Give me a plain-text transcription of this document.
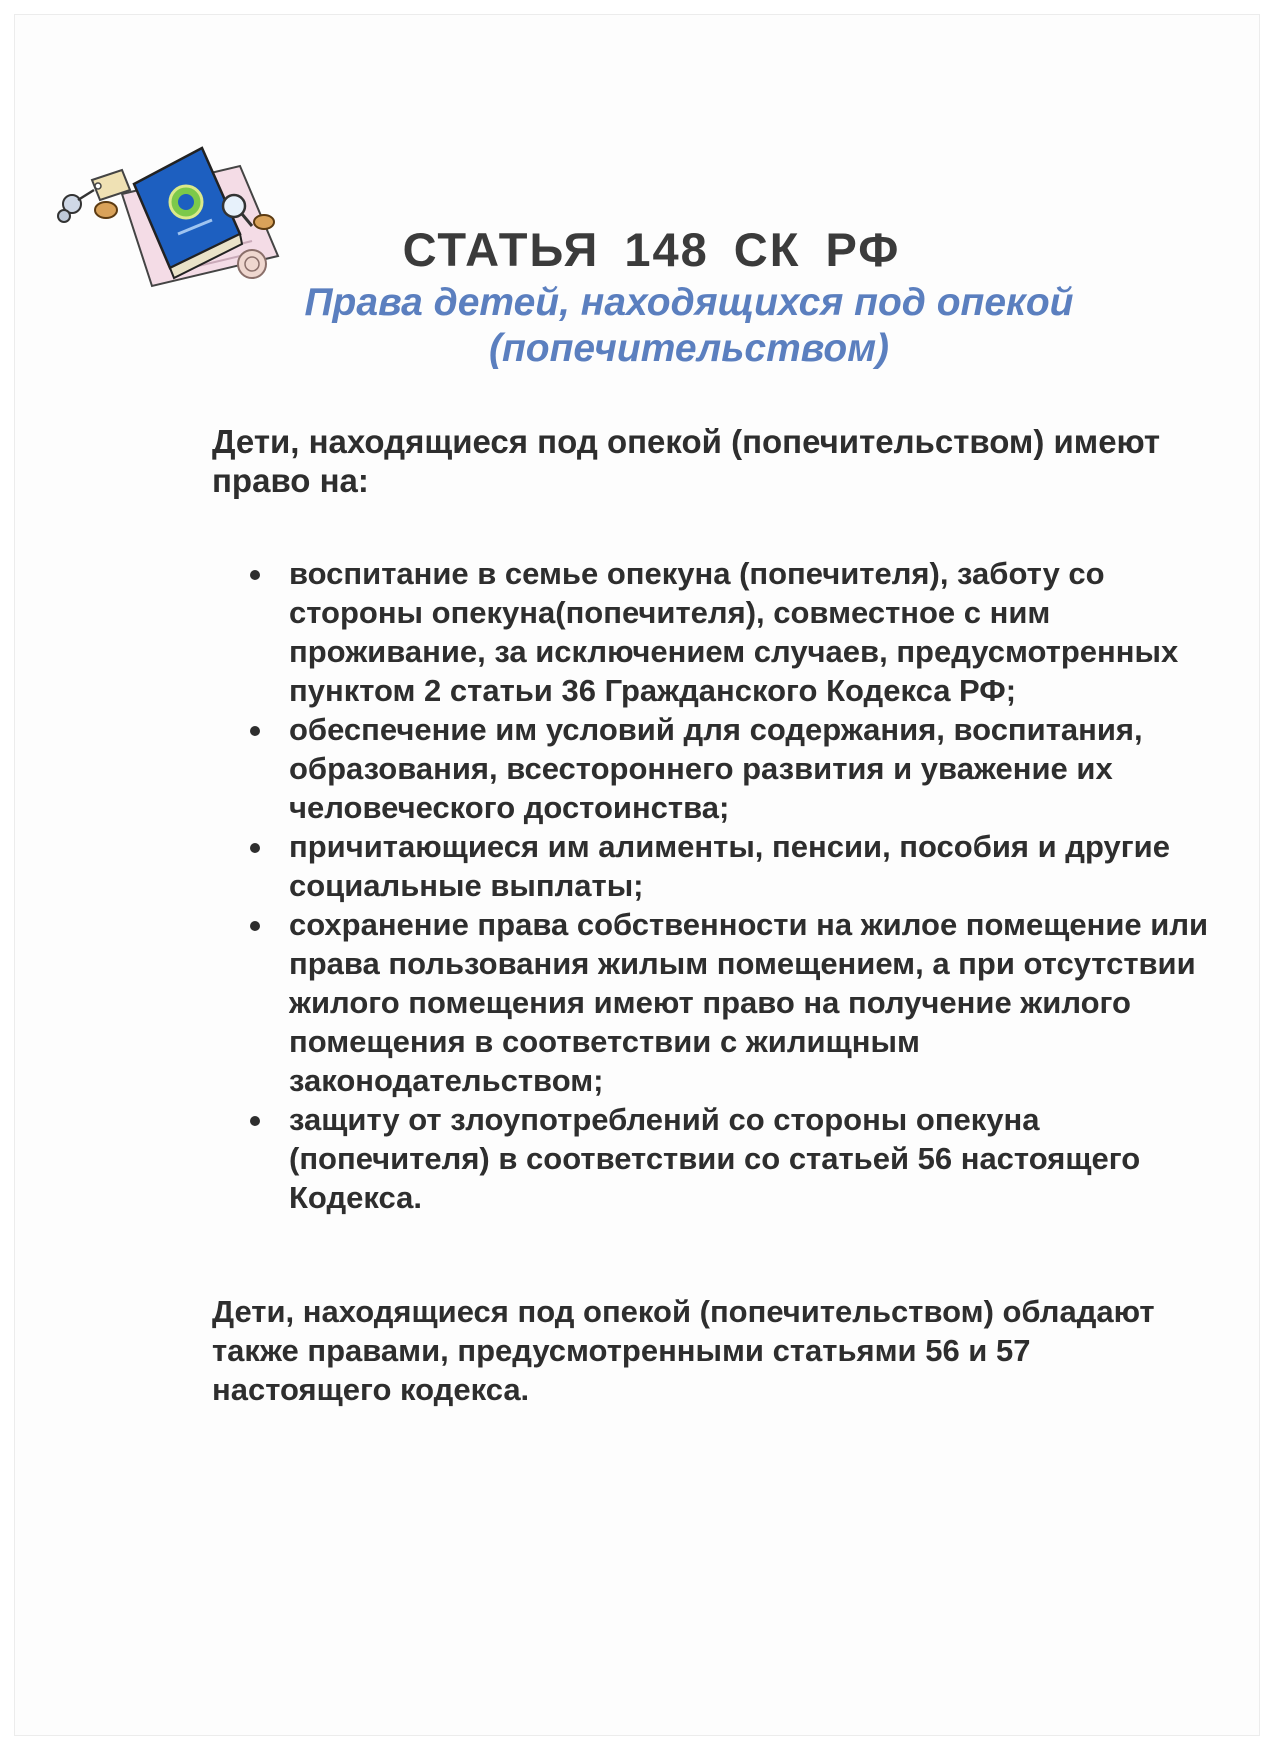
СТАТЬЯ 148 СК РФ
Права детей, находящихся под опекой (попечительством)
Дети, находящиеся под опекой (попечительством) имеют право на:
воспитание в семье опекуна (попечителя), заботу со стороны опекуна(попечителя), совместное с ним проживание, за исключением случаев, предусмотренных пунктом 2 статьи 36 Гражданского Кодекса РФ;
обеспечение им условий для содержания, воспитания, образования, всестороннего развития и уважение их человеческого достоинства;
причитающиеся им алименты, пенсии, пособия и другие социальные выплаты;
сохранение права собственности на жилое помещение или права пользования жилым помещением, а при отсутствии жилого помещения имеют право на получение жилого помещения в соответствии с жилищным законодательством;
защиту от злоупотреблений со стороны опекуна (попечителя) в соответствии со статьей 56 настоящего Кодекса.
Дети, находящиеся под опекой (попечительством) обладают также правами, предусмотренными статьями 56 и 57 настоящего кодекса.
